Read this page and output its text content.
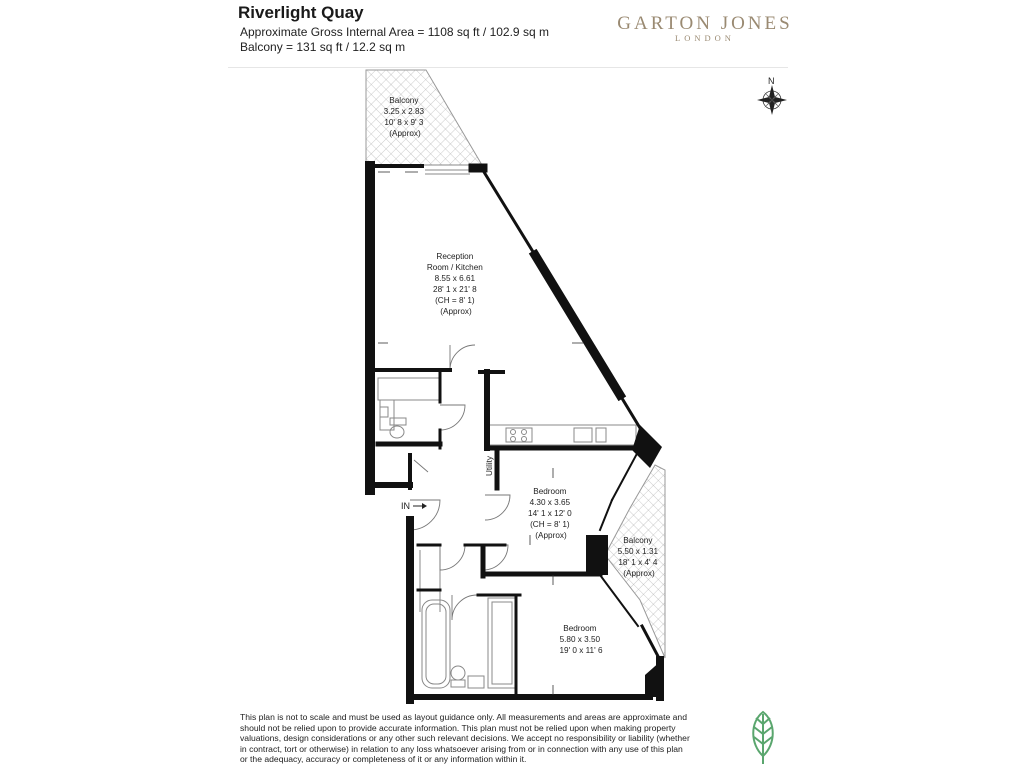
Riverlight Quay
Approximate Gross Internal Area = 1108 sq ft / 102.9 sq m
Balcony = 131 sq ft / 12.2 sq m
GARTON JONES
LONDON
Balcony 3.25 x 2.83 10' 8 x 9' 3 (Approx)
Reception Room / Kitchen 8.55 x 6.61 28' 1 x 21' 8 (CH = 8' 1) (Approx)
Bedroom 4.30 x 3.65 14' 1 x 12' 0 (CH = 8' 1) (Approx)
Balcony 5.50 x 1.31 18' 1 x 4' 4 (Approx)
Bedroom 5.80 x 3.50 19' 0 x 11' 6
Utility
IN
N
This plan is not to scale and must be used as layout guidance only. All measurements and areas are approximate and should not be relied upon to provide accurate information. This plan must not be relied upon when making property valuations, design considerations or any other such relevant decisions. We accept no responsibility or liability (whether in contract, tort or otherwise) in relation to any loss whatsoever arising from or in connection with any use of this plan or the adequacy, accuracy or completeness of it or any information within it.
